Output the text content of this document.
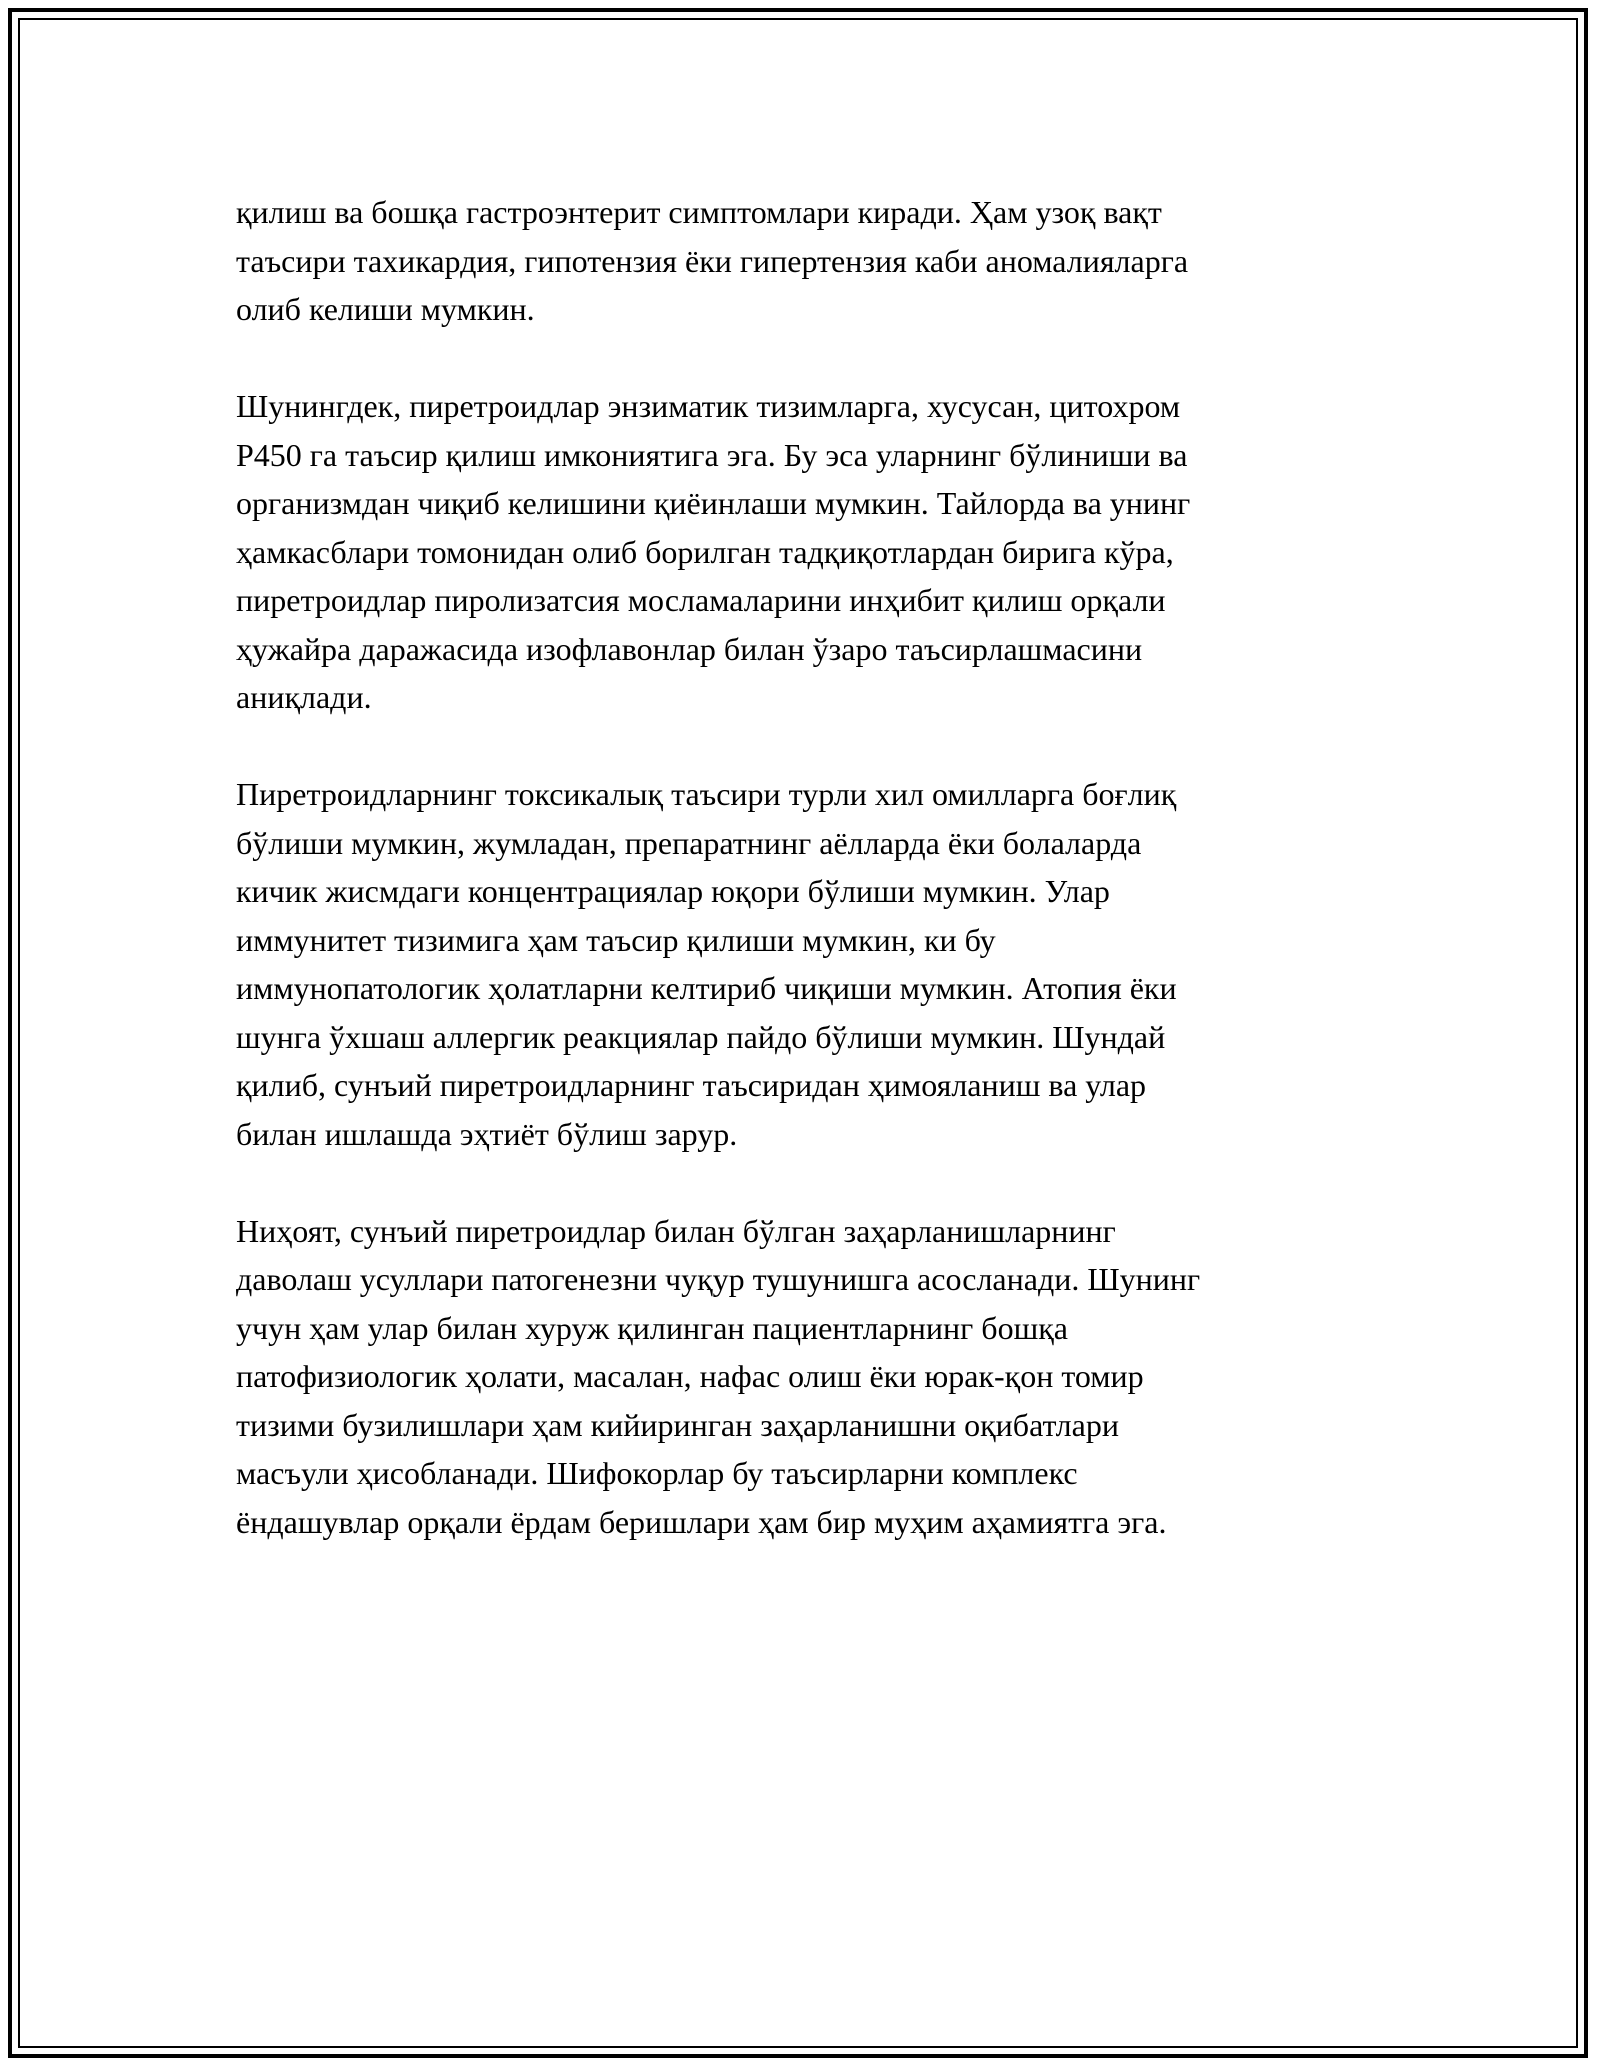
қилиш ва бошқа гастроэнтерит симптомлари киради. Ҳам узоқ вақт
таъсири тахикардия, гипотензия ёки гипертензия каби аномалияларга
олиб келиши мумкин.

Шунингдек, пиретроидлар энзиматик тизимларга, хусусан, цитохром
P450 га таъсир қилиш имкониятига эга. Бу эса уларнинг бўлиниши ва
организмдан чиқиб келишини қиёинлаши мумкин. Тайлорда ва унинг
ҳамкасблари томонидан олиб борилган тадқиқотлардан бирига кўра,
пиретроидлар пиролизатсия мосламаларини инҳибит қилиш орқали
ҳужайра даражасида изофлавонлар билан ўзаро таъсирлашмасини
аниқлади.

Пиретроидларнинг токсикалық таъсири турли хил омилларга боғлиқ
бўлиши мумкин, жумладан, препаратнинг аёлларда ёки болаларда
кичик жисмдаги концентрациялар юқори бўлиши мумкин. Улар
иммунитет тизимига ҳам таъсир қилиши мумкин, ки бу
иммунопатологик ҳолатларни келтириб чиқиши мумкин. Атопия ёки
шунга ўхшаш аллергик реакциялар пайдо бўлиши мумкин. Шундай
қилиб, сунъий пиретроидларнинг таъсиридан ҳимояланиш ва улар
билан ишлашда эҳтиёт бўлиш зарур.

Ниҳоят, сунъий пиретроидлар билан бўлган заҳарланишларнинг
даволаш усуллари патогенезни чуқур тушунишга асосланади. Шунинг
учун ҳам улар билан хуруж қилинган пациентларнинг бошқа
патофизиологик ҳолати, масалан, нафас олиш ёки юрак-қон томир
тизими бузилишлари ҳам кийиринган заҳарланишни оқибатлари
масъули ҳисобланади. Шифокорлар бу таъсирларни комплекс
ёндашувлар орқали ёрдам беришлари ҳам бир муҳим аҳамиятга эга.
